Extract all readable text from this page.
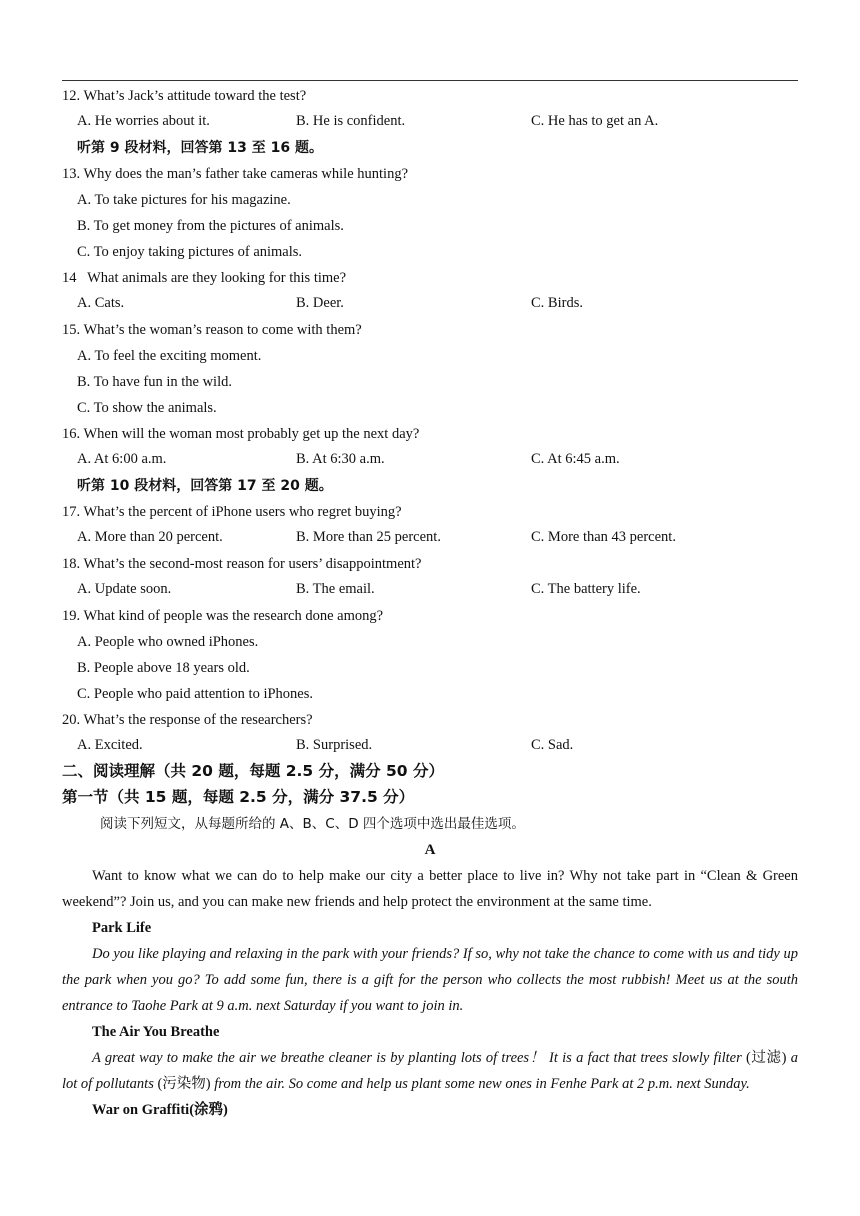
12. What’s Jack’s attitude toward the test?
A. He worries about it.	B. He is confident.	C. He has to get an A.
听第 9 段材料，回答第 13 至 16 题。
13. Why does the man’s father take cameras while hunting?
A. To take pictures for his magazine.
B. To get money from the pictures of animals.
C. To enjoy taking pictures of animals.
14   What animals are they looking for this time?
A. Cats.	B. Deer.	C. Birds.
15. What’s the woman’s reason to come with them?
A. To feel the exciting moment.
B. To have fun in the wild.
C. To show the animals.
16. When will the woman most probably get up the next day?
A. At 6:00 a.m.	B. At 6:30 a.m.	C. At 6:45 a.m.
听第 10 段材料，回答第 17 至 20 题。
17. What’s the percent of iPhone users who regret buying?
A. More than 20 percent.	B. More than 25 percent.	C. More than 43 percent.
18. What’s the second-most reason for users’ disappointment?
A. Update soon.	B. The email.	C. The battery life.
19. What kind of people was the research done among?
A. People who owned iPhones.
B. People above 18 years old.
C. People who paid attention to iPhones.
20. What’s the response of the researchers?
A. Excited.	B. Surprised.	C. Sad.
二、阅读理解（共 20 题，每题 2.5 分，满分 50 分）
第一节（共 15 题，每题 2.5 分，满分 37.5 分）
阅读下列短文，从每题所给的 A、B、C、D 四个选项中选出最佳选项。
A
Want to know what we can do to help make our city a better place to live in? Why not take part in “Clean & Green weekend”? Join us, and you can make new friends and help protect the environment at the same time.
Park Life
Do you like playing and relaxing in the park with your friends? If so, why not take the chance to come with us and tidy up the park when you go? To add some fun, there is a gift for the person who collects the most rubbish! Meet us at the south entrance to Taohe Park at 9 a.m. next Saturday if you want to join in.
The Air You Breathe
A great way to make the air we breathe cleaner is by planting lots of trees！ It is a fact that trees slowly filter (过滤) a lot of pollutants (污染物) from the air. So come and help us plant some new ones in Fenhe Park at 2 p.m. next Sunday.
War on Graffiti(涂鸦)
